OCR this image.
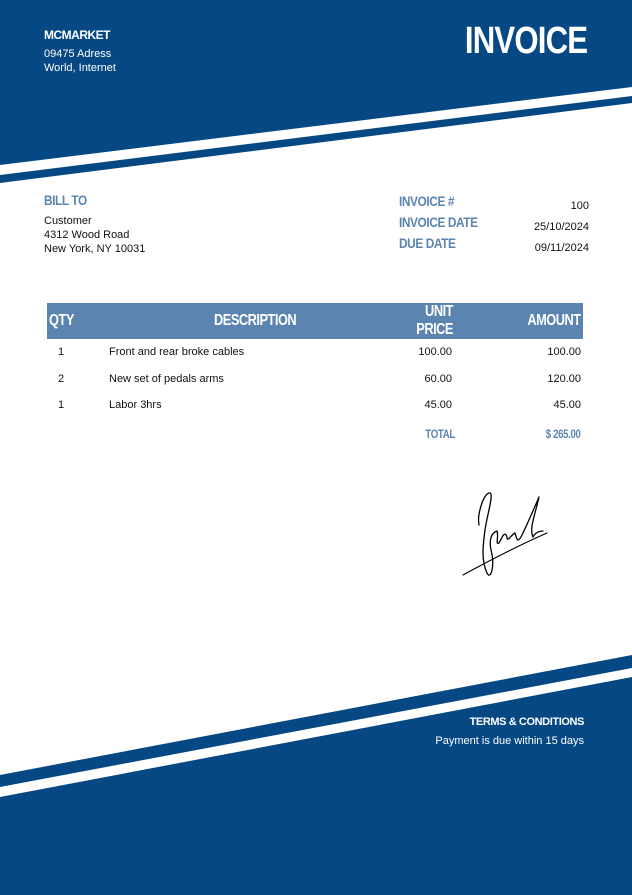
MCMARKET
09475 Adress
World, Internet
INVOICE
BILL TO
Customer
4312 Wood Road
New York, NY 10031
INVOICE #	100
INVOICE DATE	25/10/2024
DUE DATE	09/11/2024
QTY	DESCRIPTION	UNIT PRICE	AMOUNT
1	Front and rear broke cables	100.00	100.00
2	New set of pedals arms	60.00	120.00
1	Labor 3hrs	45.00	45.00
		TOTAL	$ 265.00
TERMS & CONDITIONS
Payment is due within 15 days
